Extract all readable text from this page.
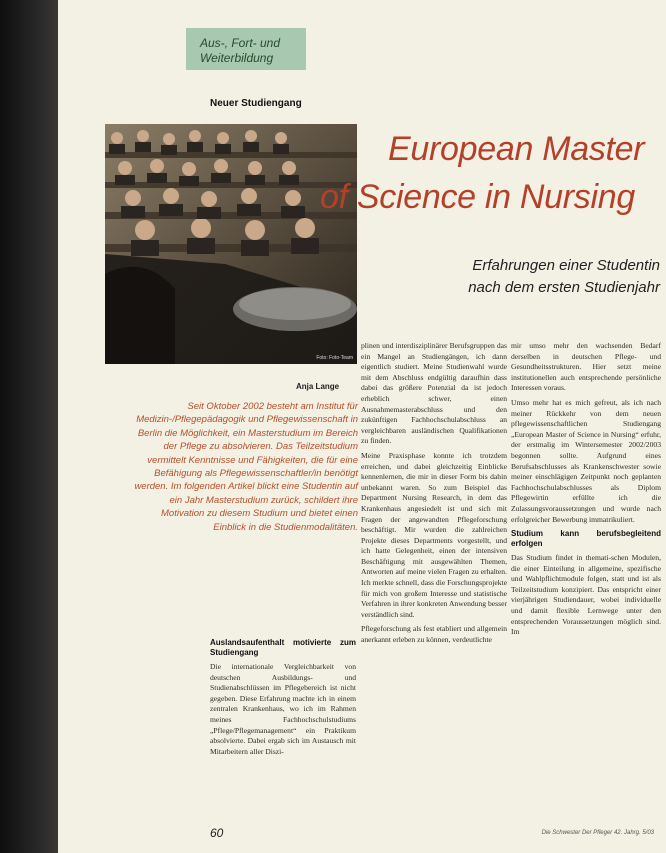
Aus-, Fort- und
Weiterbildung
Neuer Studiengang
Foto: Foto-Team
European Master
of Science in Nursing
Erfahrungen einer Studentin
nach dem ersten Studienjahr
Anja Lange
Seit Oktober 2002 besteht am Institut für Medizin-/Pflegepädagogik und Pflegewissenschaft in Berlin die Möglichkeit, ein Masterstudium im Bereich der Pflege zu absolvieren. Das Teilzeitstudium vermittelt Kenntnisse und Fähigkeiten, die für eine Befähigung als Pflegewissenschaftler/in benötigt werden. Im folgenden Artikel blickt eine Studentin auf ein Jahr Masterstudium zurück, schildert ihre Motivation zu diesem Studium und bietet einen Einblick in die Studienmodalitäten.
Auslandsaufenthalt motivierte zum Studiengang

Die internationale Vergleichbarkeit von deutschen Ausbildungs- und Studienabschlüssen im Pflegebereich ist nicht gegeben. Diese Erfahrung machte ich in einem zentralen Krankenhaus, wo ich im Rahmen meines Fachhochschulstudiums „Pflege/Pflegemanagement“ ein Praktikum absolvierte. Dabei ergab sich im Austausch mit Mitarbeitern aller Diszi-

plinen und interdisziplinärer Berufsgruppen das ein Mangel an Studiengängen, ich dann eigentlich studiert. Meine Studienwahl wurde mit dem Abschluss endgültig daraufhin dass dabei das größere Potenzial da ist jedoch erheblich schwer, einen Ausnahmemasterabschluss und den zukünftigen Fachhochschulabschluss an vergleichbaren ausländischen Qualifikationen zu finden.

Meine Praxisphase konnte ich trotzdem erreichen, und dabei gleichzeitig Einblicke kennenlernen, die mir in dieser Form bis dahin unbekannt waren. So zum Beispiel das Department Nursing Research, in dem das Krankenhaus angesiedelt ist und sich mit Fragen der angewandten Pflegeforschung beschäftigt. Mir wurden die zahlreichen Projekte dieses Departments vorgestellt, und ich hatte Gelegenheit, einen der intensiven Beschäftigung mit ausgewählten Themen, Antworten auf meine vielen Fragen zu erhalten. Ich merkte schnell, dass die Forschungsprojekte für mich von großem Interesse und statistische Verfahren in ihrer konkreten Anwendung besser verständlich sind.

Pflegeforschung als fest etabliert und allgemein anerkannt erleben zu können, verdeutlichte

mir umso mehr den wachsenden Bedarf derselben in deutschen Pflege- und Gesundheitsstrukturen. Hier setzt meine institutionellen auch entsprechende persönliche Interessen voraus.

Umso mehr hat es mich gefreut, als ich nach meiner Rückkehr von dem neuen pflegewissenschaftlichen Studiengang „European Master of Science in Nursing“ erfuhr, der erstmalig im Wintersemester 2002/2003 begonnen sollte. Aufgrund eines Berufsabschlusses als Krankenschwester sowie meiner einschlägigen Zeitpunkt noch geplanten Fachhochschulabschlusses als Diplom Pflegewirtin erfüllte ich die Zulassungsvoraussetzungen und wurde nach erfolgreicher Bewerbung immatrikuliert.

Studium kann berufsbegleitend erfolgen

Das Studium findet in themati-schen Modulen, die einer Einteilung in allgemeine, spezifische und Wahlpflichtmodule folgen, statt und ist als Teilzeitstudium konzipiert. Das entspricht einer vierjährigen Studiendauer, wobei individuelle und damit flexible Lernwege unter den entsprechenden Voraussetzungen möglich sind. Im

60	Die Schwester Der Pfleger 42. Jahrg. 5/03
